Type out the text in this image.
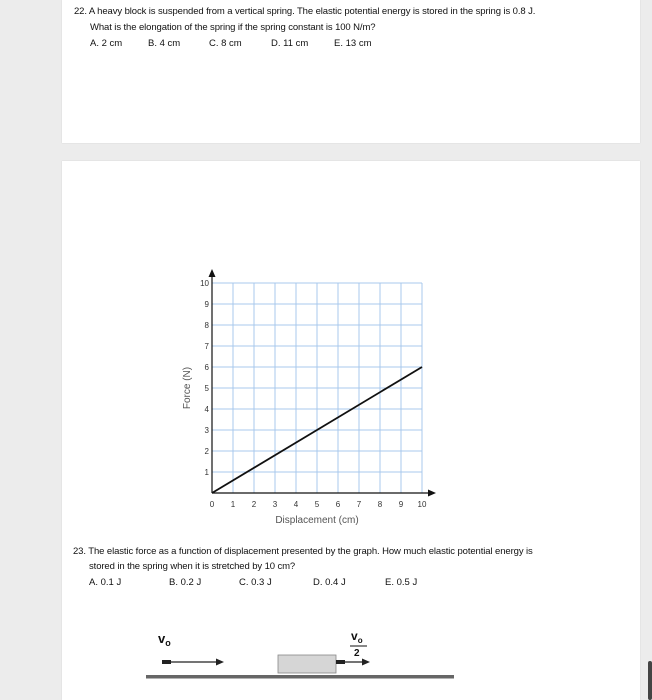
22. A heavy block is suspended from a vertical spring. The elastic potential energy is stored in the spring is 0.8 J.
What is the elongation of the spring if the spring constant is 100 N/m?
A. 2 cm	B. 4 cm	C. 8 cm	D. 11 cm	E. 13 cm
0 1 2 3 4 5 6 7 8 9 10
1
2
3
4
5
6
7
8
9
10
Displacement (cm)
Force (N)
23. The elastic force as a function of displacement presented by the graph. How much elastic potential energy is
stored in the spring when it is stretched by 10 cm?
A. 0.1 J	B. 0.2 J	C. 0.3 J	D. 0.4 J	E. 0.5 J
$v_o$	$v_o$
2
